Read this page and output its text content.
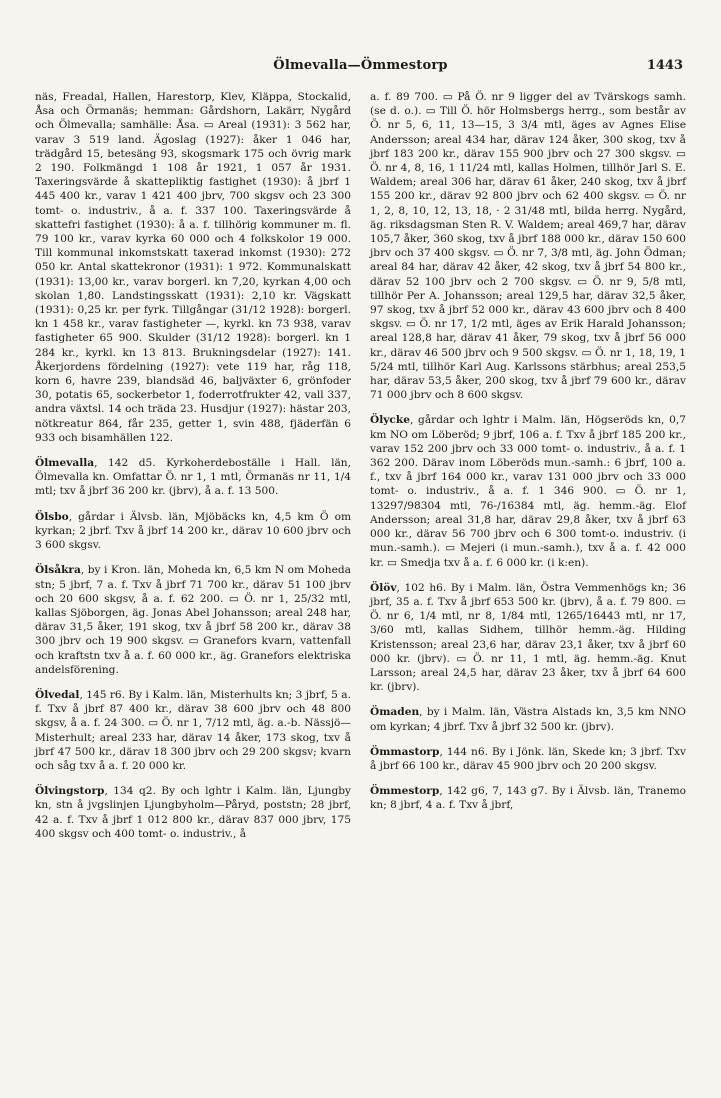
Ölmevalla—Ömmestorp	1443

näs, Freadal, Hallen, Harestorp, Klev, Kläppa, Stockalid, Åsa och Örmanäs; hemman: Gårdshorn, Lakärr, Nygård och Ölmevalla; samhälle: Åsa. ▭ Areal (1931): 3 562 har, varav 3 519 land. Ägoslag (1927): åker 1 046 har, trädgård 15, betesäng 93, skogsmark 175 och övrig mark 2 190. Folkmängd 1 108 år 1921, 1 057 år 1931. Taxeringsvärde å skattepliktig fastighet (1930): å jbrf 1 445 400 kr., varav 1 421 400 jbrv, 700 skgsv och 23 300 tomt- o. industriv., å a. f. 337 100. Taxeringsvärde å skattefri fastighet (1930): å a. f. tillhörig kommuner m. fl. 79 100 kr., varav kyrka 60 000 och 4 folkskolor 19 000. Till kommunal inkomstskatt taxerad inkomst (1930): 272 050 kr. Antal skattekronor (1931): 1 972. Kommunalskatt (1931): 13,00 kr., varav borgerl. kn 7,20, kyrkan 4,00 och skolan 1,80. Landstingsskatt (1931): 2,10 kr. Vägskatt (1931): 0,25 kr. per fyrk. Tillgångar (31/12 1928): borgerl. kn 1 458 kr., varav fastigheter —, kyrkl. kn 73 938, varav fastigheter 65 900. Skulder (31/12 1928): borgerl. kn 1 284 kr., kyrkl. kn 13 813. Brukningsdelar (1927): 141. Åkerjordens fördelning (1927): vete 119 har, råg 118, korn 6, havre 239, blandsäd 46, baljväxter 6, grönfoder 30, potatis 65, sockerbetor 1, foderrotfrukter 42, vall 337, andra växtsl. 14 och träda 23. Husdjur (1927): hästar 203, nötkreatur 864, får 235, getter 1, svin 488, fjäderfän 6 933 och bisamhällen 122.

Ölmevalla, 142 d5. Kyrkoherdeboställe i Hall. län, Ölmevalla kn. Omfattar Ö. nr 1, 1 mtl, Örmanäs nr 11, 1/4 mtl; txv å jbrf 36 200 kr. (jbrv), å a. f. 13 500.

Ölsbo, gårdar i Älvsb. län, Mjöbäcks kn, 4,5 km Ö om kyrkan; 2 jbrf. Txv å jbrf 14 200 kr., därav 10 600 jbrv och 3 600 skgsv.

Ölsåkra, by i Kron. län, Moheda kn, 6,5 km N om Moheda stn; 5 jbrf, 7 a. f. Txv å jbrf 71 700 kr., därav 51 100 jbrv och 20 600 skgsv, å a. f. 62 200. ▭ Ö. nr 1, 25/32 mtl, kallas Sjöborgen, äg. Jonas Abel Johansson; areal 248 har, därav 31,5 åker, 191 skog, txv å jbrf 58 200 kr., därav 38 300 jbrv och 19 900 skgsv. ▭ Granefors kvarn, vattenfall och kraftstn txv å a. f. 60 000 kr., äg. Granefors elektriska andelsförening.

Ölvedal, 145 r6. By i Kalm. län, Misterhults kn; 3 jbrf, 5 a. f. Txv å jbrf 87 400 kr., därav 38 600 jbrv och 48 800 skgsv, å a. f. 24 300. ▭ Ö. nr 1, 7/12 mtl, äg. a.-b. Nässjö—Misterhult; areal 233 har, därav 14 åker, 173 skog, txv å jbrf 47 500 kr., därav 18 300 jbrv och 29 200 skgsv; kvarn och såg txv å a. f. 20 000 kr.

Ölvingstorp, 134 q2. By och lghtr i Kalm. län, Ljungby kn, stn å jvgslinjen Ljungbyholm—Påryd, poststn; 28 jbrf, 42 a. f. Txv å jbrf 1 012 800 kr., därav 837 000 jbrv, 175 400 skgsv och 400 tomt- o. industriv., å

a. f. 89 700. ▭ På Ö. nr 9 ligger del av Tvärskogs samh. (se d. o.). ▭ Till Ö. hör Holmsbergs herrg., som består av Ö. nr 5, 6, 11, 13—15, 3 3/4 mtl, äges av Agnes Elise Andersson; areal 434 har, därav 124 åker, 300 skog, txv å jbrf 183 200 kr., därav 155 900 jbrv och 27 300 skgsv. ▭ Ö. nr 4, 8, 16, 1 11/24 mtl, kallas Holmen, tillhör Jarl S. E. Waldem; areal 306 har, därav 61 åker, 240 skog, txv å jbrf 155 200 kr., därav 92 800 jbrv och 62 400 skgsv. ▭ Ö. nr 1, 2, 8, 10, 12, 13, 18, · 2 31/48 mtl, bilda herrg. Nygård, äg. riksdagsman Sten R. V. Waldem; areal 469,7 har, därav 105,7 åker, 360 skog, txv å jbrf 188 000 kr., därav 150 600 jbrv och 37 400 skgsv. ▭ Ö. nr 7, 3/8 mtl, äg. John Ödman; areal 84 har, därav 42 åker, 42 skog, txv å jbrf 54 800 kr., därav 52 100 jbrv och 2 700 skgsv. ▭ Ö. nr 9, 5/8 mtl, tillhör Per A. Johansson; areal 129,5 har, därav 32,5 åker, 97 skog, txv å jbrf 52 000 kr., därav 43 600 jbrv och 8 400 skgsv. ▭ Ö. nr 17, 1/2 mtl, äges av Erik Harald Johansson; areal 128,8 har, därav 41 åker, 79 skog, txv å jbrf 56 000 kr., därav 46 500 jbrv och 9 500 skgsv. ▭ Ö. nr 1, 18, 19, 1 5/24 mtl, tillhör Karl Aug. Karlssons stärbhus; areal 253,5 har, därav 53,5 åker, 200 skog, txv å jbrf 79 600 kr., därav 71 000 jbrv och 8 600 skgsv.

Ölycke, gårdar och lghtr i Malm. län, Högseröds kn, 0,7 km NO om Löberöd; 9 jbrf, 106 a. f. Txv å jbrf 185 200 kr., varav 152 200 jbrv och 33 000 tomt- o. industriv., å a. f. 1 362 200. Därav inom Löberöds mun.-samh.: 6 jbrf, 100 a. f., txv å jbrf 164 000 kr., varav 131 000 jbrv och 33 000 tomt- o. industriv., å a. f. 1 346 900. ▭ Ö. nr 1, 13297/98304 mtl, 76-/16384 mtl, äg. hemm.-äg. Elof Andersson; areal 31,8 har, därav 29,8 åker, txv å jbrf 63 000 kr., därav 56 700 jbrv och 6 300 tomt-o. industriv. (i mun.-samh.). ▭ Mejeri (i mun.-samh.), txv å a. f. 42 000 kr. ▭ Smedja txv å a. f. 6 000 kr. (i k:en).

Ölöv, 102 h6. By i Malm. län, Östra Vemmenhögs kn; 36 jbrf, 35 a. f. Txv å jbrf 653 500 kr. (jbrv), å a. f. 79 800. ▭ Ö. nr 6, 1/4 mtl, nr 8, 1/84 mtl, 1265/16443 mtl, nr 17, 3/60 mtl, kallas Sidhem, tillhör hemm.-äg. Hilding Kristensson; areal 23,6 har, därav 23,1 åker, txv å jbrf 60 000 kr. (jbrv). ▭ Ö. nr 11, 1 mtl, äg. hemm.-äg. Knut Larsson; areal 24,5 har, därav 23 åker, txv å jbrf 64 600 kr. (jbrv).

Ömaden, by i Malm. län, Västra Alstads kn, 3,5 km NNO om kyrkan; 4 jbrf. Txv å jbrf 32 500 kr. (jbrv).

Ömmastorp, 144 n6. By i Jönk. län, Skede kn; 3 jbrf. Txv å jbrf 66 100 kr., därav 45 900 jbrv och 20 200 skgsv.

Ömmestorp, 142 g6, 7, 143 g7. By i Älvsb. län, Tranemo kn; 8 jbrf, 4 a. f. Txv å jbrf,
